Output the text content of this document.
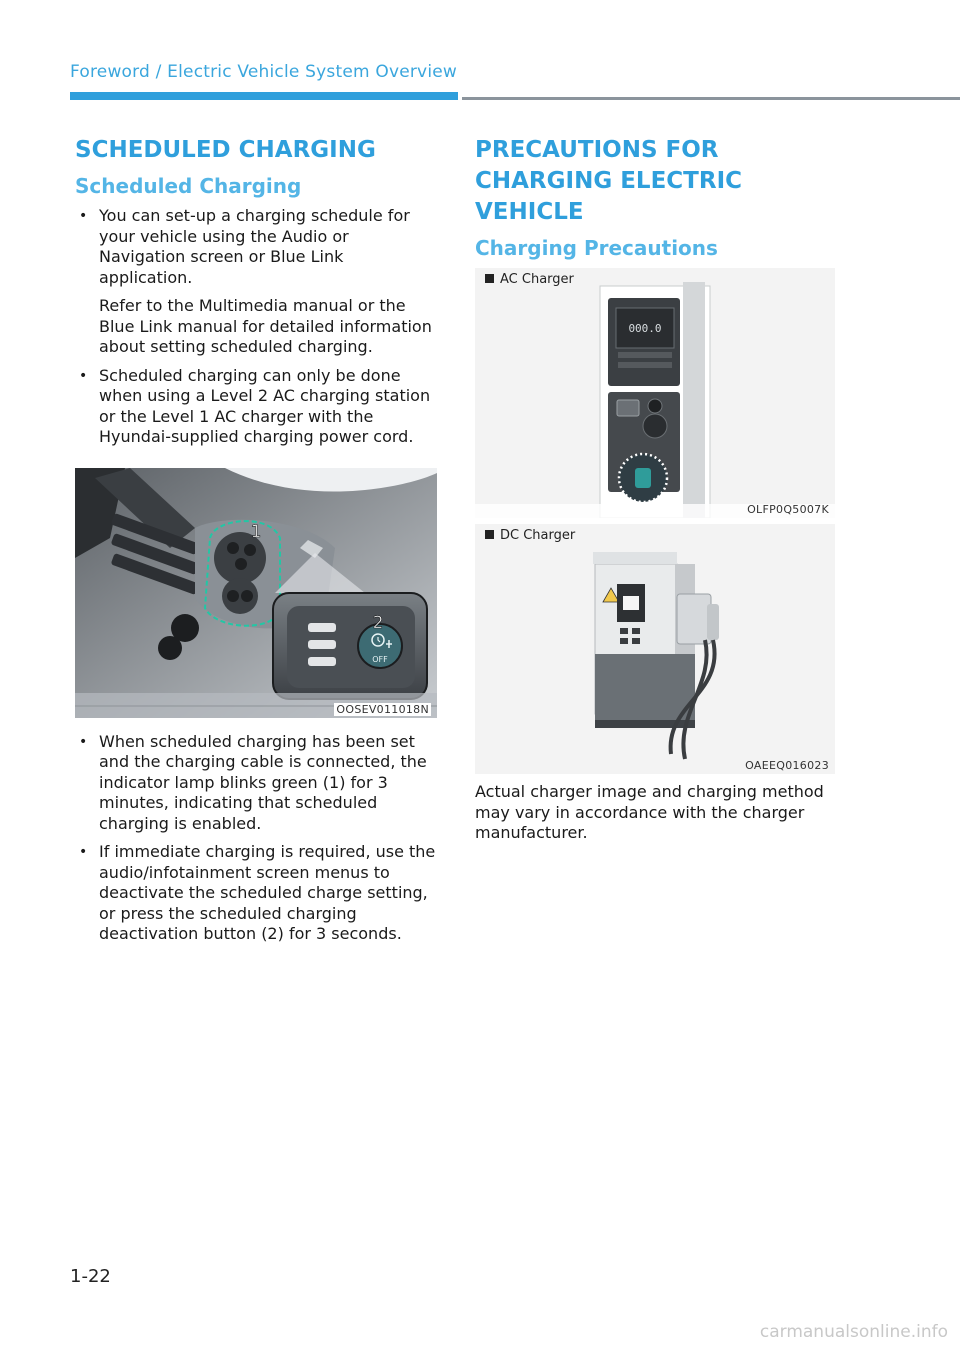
Foreword / Electric Vehicle System Overview
SCHEDULED CHARGING
Scheduled Charging
• You can set-up a charging schedule for your vehicle using the Audio or Navigation screen or Blue Link application.

Refer to the Multimedia manual or the Blue Link manual for detailed information about setting scheduled charging.

• Scheduled charging can only be done when using a Level 2 AC charging station or the Level 1 AC charger with the Hyundai-supplied charging power cord.

OFF
1
2
OOSEV011018N
• When scheduled charging has been set and the charging cable is connected, the indicator lamp blinks green (1) for 3 minutes, indicating that scheduled charging is enabled.

• If immediate charging is required, use the audio/infotainment screen menus to deactivate the scheduled charge setting, or press the scheduled charging deactivation button (2) for 3 seconds.

PRECAUTIONS FOR
CHARGING ELECTRIC
VEHICLE
Charging Precautions
000.0
AC Charger
OLFP0Q5007K
DC Charger
OAEEQ016023

Actual charger image and charging method may vary in accordance with the charger manufacturer.

1-22
carmanualsonline.info
